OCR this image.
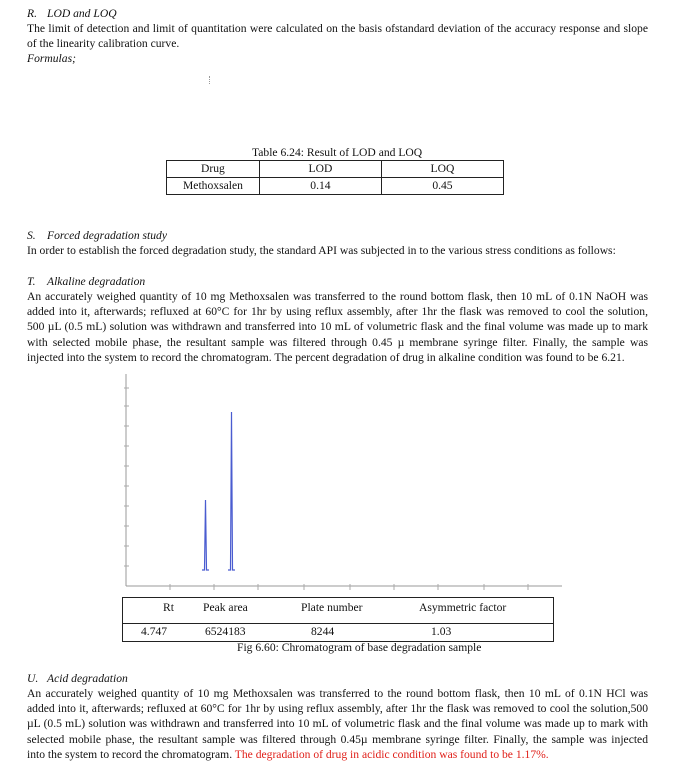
R. LOD and LOQ
The limit of detection and limit of quantitation were calculated on the basis ofstandard deviation of the accuracy response and slope
of the linearity calibration curve.
Formulas;
Table 6.24: Result of LOD and LOQ
Drug	LOD	LOQ
Methoxsalen	0.14	0.45
S. Forced degradation study
In order to establish the forced degradation study, the standard API was subjected in to the various stress conditions as follows:
T. Alkaline degradation
An accurately weighed quantity of 10 mg Methoxsalen was transferred to the round bottom flask, then 10 mL of 0.1N NaOH was
added into it, afterwards; refluxed at 60°C for 1hr by using reflux assembly, after 1hr the flask was removed to cool the solution,
500 µL (0.5 mL) solution was withdrawn and transferred into 10 mL of volumetric flask and the final volume was made up to mark
with selected mobile phase, the resultant sample was filtered through 0.45 µ membrane syringe filter. Finally, the sample was
injected into the system to record the chromatogram. The percent degradation of drug in alkaline condition was found to be 6.21.
Rt	Peak area	Plate number	Asymmetric factor
4.747	6524183	8244	1.03
Fig 6.60: Chromatogram of base degradation sample
U. Acid degradation
An accurately weighed quantity of 10 mg Methoxsalen was transferred to the round bottom flask, then 10 mL of 0.1N HCl was
added into it, afterwards; refluxed at 60°C for 1hr by using reflux assembly, after 1hr the flask was removed to cool the solution,500
µL (0.5 mL) solution was withdrawn and transferred into 10 mL of volumetric flask and the final volume was made up to mark with
selected mobile phase, the resultant sample was filtered through 0.45µ membrane syringe filter. Finally, the sample was injected
into the system to record the chromatogram. The degradation of drug in acidic condition was found to be 1.17%.
